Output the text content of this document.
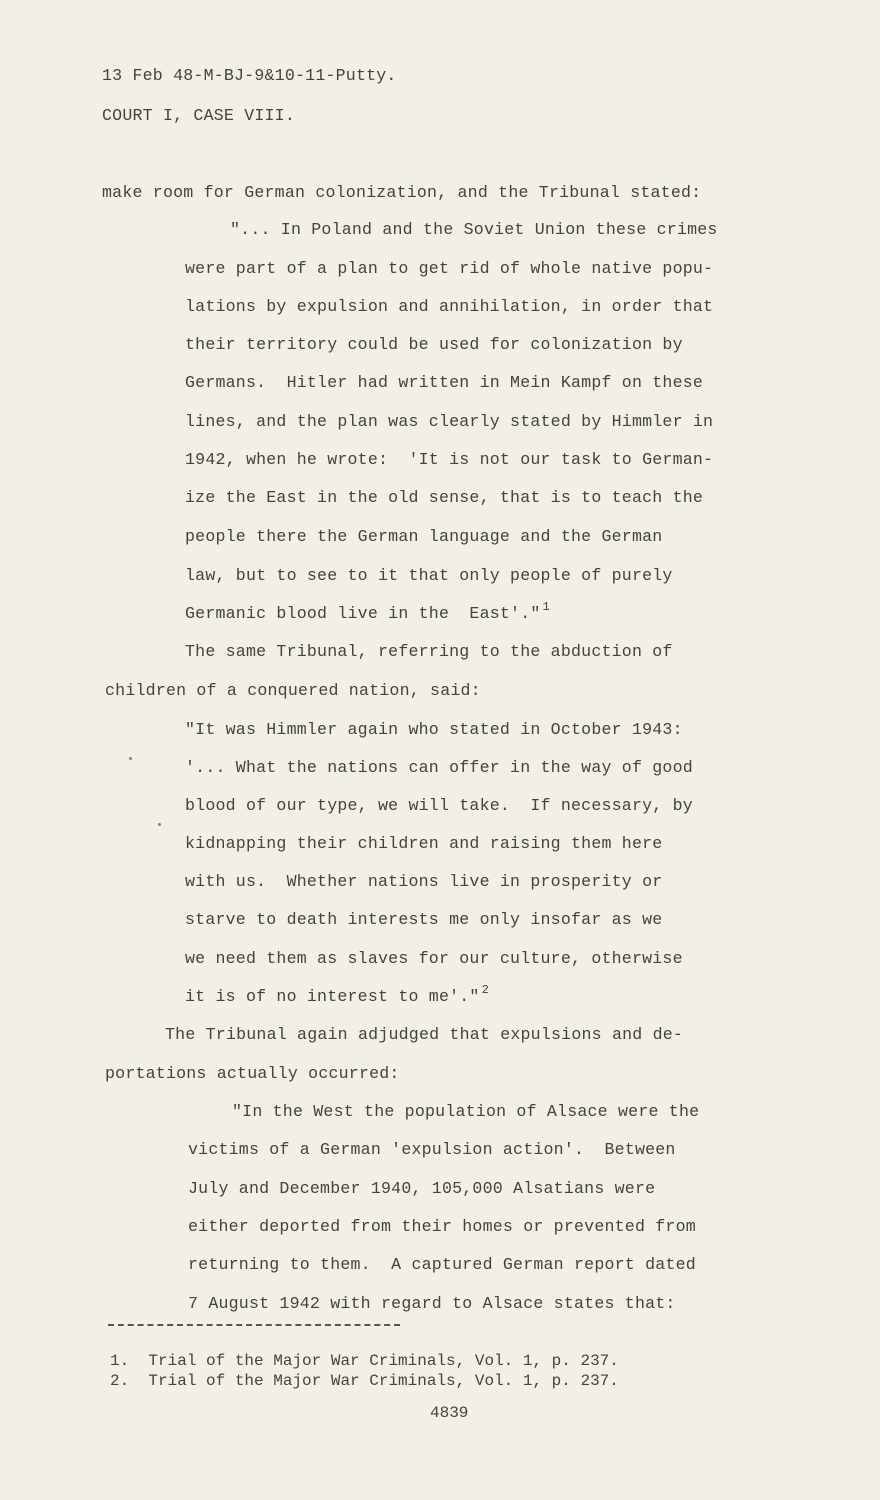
13 Feb 48-M-BJ-9&10-11-Putty.
COURT I, CASE VIII.
make room for German colonization, and the Tribunal stated:
"... In Poland and the Soviet Union these crimes
were part of a plan to get rid of whole native popu-
lations by expulsion and annihilation, in order that
their territory could be used for colonization by
Germans.  Hitler had written in Mein Kampf on these
lines, and the plan was clearly stated by Himmler in
1942, when he wrote:  'It is not our task to German-
ize the East in the old sense, that is to teach the
people there the German language and the German
law, but to see to it that only people of purely
Germanic blood live in the  East'." $^1$
The same Tribunal, referring to the abduction of
children of a conquered nation, said:
"It was Himmler again who stated in October 1943:
'... What the nations can offer in the way of good
blood of our type, we will take.  If necessary, by
kidnapping their children and raising them here
with us.  Whether nations live in prosperity or
starve to death interests me only insofar as we
we need them as slaves for our culture, otherwise
it is of no interest to me'." $^2$
The Tribunal again adjudged that expulsions and de-
portations actually occurred:
"In the West the population of Alsace were the
victims of a German 'expulsion action'.  Between
July and December 1940, 105,000 Alsatians were
either deported from their homes or prevented from
returning to them.  A captured German report dated
7 August 1942 with regard to Alsace states that:
1.  Trial of the Major War Criminals, Vol. 1, p. 237.
2.  Trial of the Major War Criminals, Vol. 1, p. 237.
4839
